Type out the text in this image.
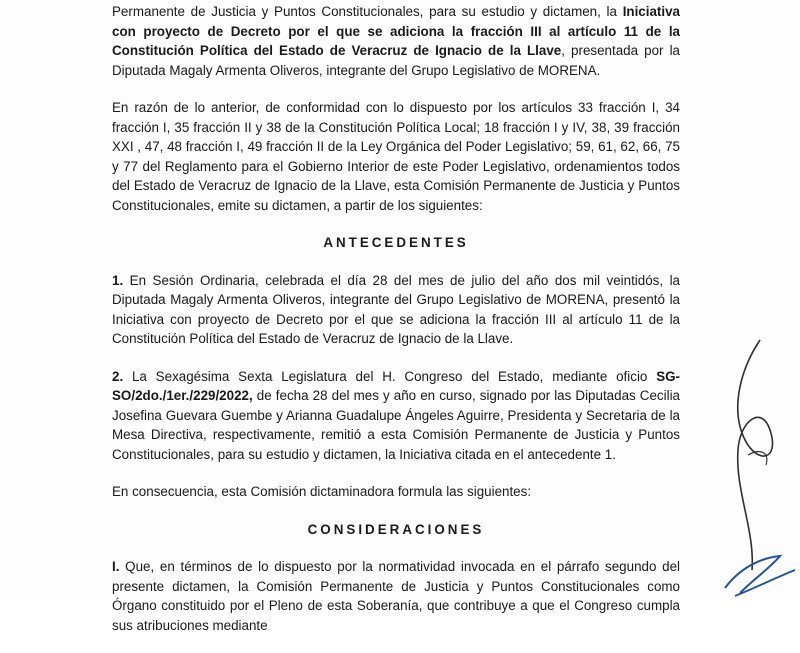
Permanente de Justicia y Puntos Constitucionales, para su estudio y dictamen, la Iniciativa con proyecto de Decreto por el que se adiciona la fracción III al artículo 11 de la Constitución Política del Estado de Veracruz de Ignacio de la Llave, presentada por la Diputada Magaly Armenta Oliveros, integrante del Grupo Legislativo de MORENA.

En razón de lo anterior, de conformidad con lo dispuesto por los artículos 33 fracción I, 34 fracción I, 35 fracción II y 38 de la Constitución Política Local; 18 fracción I y IV, 38, 39 fracción XXI , 47, 48 fracción I, 49 fracción II de la Ley Orgánica del Poder Legislativo; 59, 61, 62, 66, 75 y 77 del Reglamento para el Gobierno Interior de este Poder Legislativo, ordenamientos todos del Estado de Veracruz de Ignacio de la Llave, esta Comisión Permanente de Justicia y Puntos Constitucionales, emite su dictamen, a partir de los siguientes:

ANTECEDENTES

1. En Sesión Ordinaria, celebrada el día 28 del mes de julio del año dos mil veintidós, la Diputada Magaly Armenta Oliveros, integrante del Grupo Legislativo de MORENA, presentó la Iniciativa con proyecto de Decreto por el que se adiciona la fracción III al artículo 11 de la Constitución Política del Estado de Veracruz de Ignacio de la Llave.

2. La Sexagésima Sexta Legislatura del H. Congreso del Estado, mediante oficio SG-SO/2do./1er./229/2022, de fecha 28 del mes y año en curso, signado por las Diputadas Cecilia Josefina Guevara Guembe y Arianna Guadalupe Ángeles Aguirre, Presidenta y Secretaria de la Mesa Directiva, respectivamente, remitió a esta Comisión Permanente de Justicia y Puntos Constitucionales, para su estudio y dictamen, la Iniciativa citada en el antecedente 1.

En consecuencia, esta Comisión dictaminadora formula las siguientes:

CONSIDERACIONES

I. Que, en términos de lo dispuesto por la normatividad invocada en el párrafo segundo del presente dictamen, la Comisión Permanente de Justicia y Puntos Constitucionales como Órgano constituido por el Pleno de esta Soberanía, que contribuye a que el Congreso cumpla sus atribuciones mediante
